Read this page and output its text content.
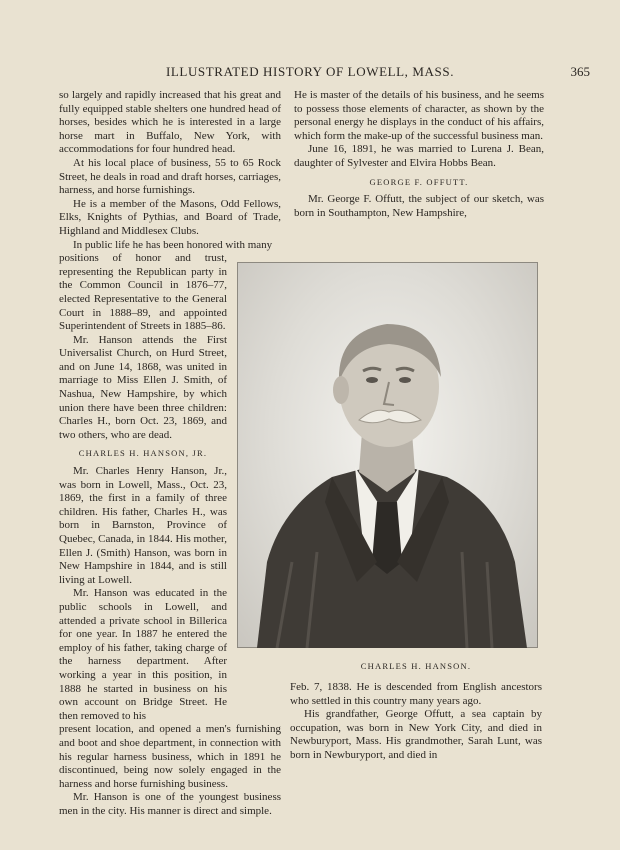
ILLUSTRATED HISTORY OF LOWELL, MASS.	365

so largely and rapidly increased that his great and fully equipped stable shelters one hundred head of horses, besides which he is interested in a large horse mart in Buffalo, New York, with accommodations for four hundred head.

At his local place of business, 55 to 65 Rock Street, he deals in road and draft horses, carriages, harness, and horse furnishings.

He is a member of the Masons, Odd Fellows, Elks, Knights of Pythias, and Board of Trade, Highland and Middlesex Clubs.

In public life he has been honored with many

positions of honor and trust, representing the Republican party in the Common Council in 1876–77, elected Representative to the General Court in 1888–89, and appointed Superintendent of Streets in 1885–86.

Mr. Hanson attends the First Universalist Church, on Hurd Street, and on June 14, 1868, was united in marriage to Miss Ellen J. Smith, of Nashua, New Hampshire, by which union there have been three children: Charles H., born Oct. 23, 1869, and two others, who are dead.

CHARLES H. HANSON, JR.

Mr. Charles Henry Hanson, Jr., was born in Lowell, Mass., Oct. 23, 1869, the first in a family of three children. His father, Charles H., was born in Barnston, Province of Quebec, Canada, in 1844. His mother, Ellen J. (Smith) Hanson, was born in New Hampshire in 1844, and is still living at Lowell.

Mr. Hanson was educated in the public schools in Lowell, and attended a private school in Billerica for one year. In 1887 he entered the employ of his father, taking charge of the harness department. After working a year in this position, in 1888 he started in business on his own account on Bridge Street. He then removed to his

present location, and opened a men's furnishing and boot and shoe department, in connection with his regular harness business, which in 1891 he discontinued, being now solely engaged in the harness and horse furnishing business.

Mr. Hanson is one of the youngest business men in the city. His manner is direct and simple.

He is master of the details of his business, and he seems to possess those elements of character, as shown by the personal energy he displays in the conduct of his affairs, which form the make-up of the successful business man.

June 16, 1891, he was married to Lurena J. Bean, daughter of Sylvester and Elvira Hobbs Bean.

GEORGE F. OFFUTT.

Mr. George F. Offutt, the subject of our sketch, was born in Southampton, New Hampshire,

CHARLES H. HANSON.

Feb. 7, 1838. He is descended from English ancestors who settled in this country many years ago.

His grandfather, George Offutt, a sea captain by occupation, was born in New York City, and died in Newburyport, Mass. His grandmother, Sarah Lunt, was born in Newburyport, and died in
